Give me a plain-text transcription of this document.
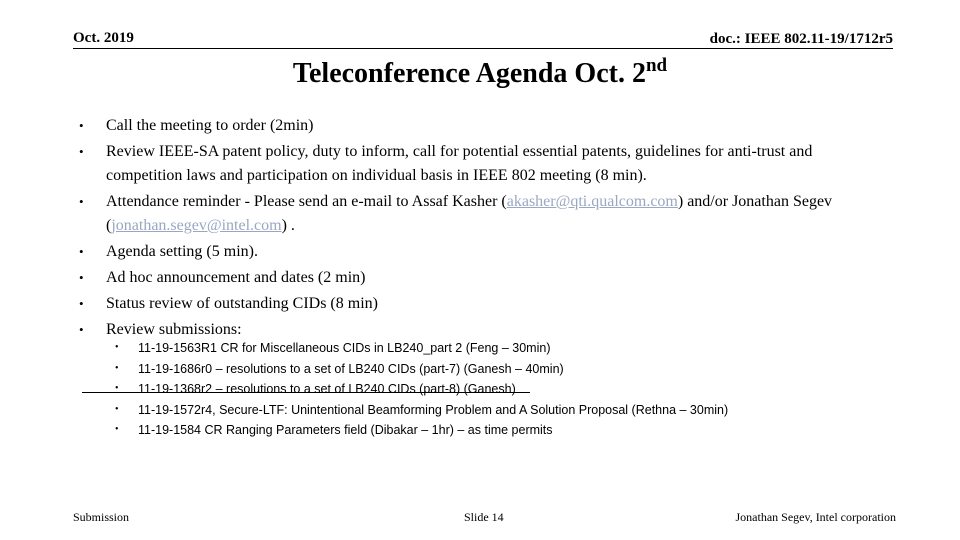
Oct. 2019	doc.: IEEE 802.11-19/1712r5
Teleconference Agenda Oct. 2nd
• Call the meeting to order (2min)
• Review IEEE-SA patent policy, duty to inform, call for potential essential patents, guidelines for anti-trust and competition laws and participation on individual basis in IEEE 802 meeting (8 min).
• Attendance reminder - Please send an e-mail to Assaf Kasher (akasher@qti.qualcom.com) and/or Jonathan Segev (jonathan.segev@intel.com) .
• Agenda setting (5 min).
• Ad hoc announcement and dates (2 min)
• Status review of outstanding CIDs (8 min)
• Review submissions:
• 11-19-1563R1 CR for Miscellaneous CIDs in LB240_part 2 (Feng – 30min)
• 11-19-1686r0 – resolutions to a set of LB240 CIDs (part-7) (Ganesh – 40min)
• 11-19-1368r2 – resolutions to a set of LB240 CIDs (part-8) (Ganesh)
• 11-19-1572r4, Secure-LTF: Unintentional Beamforming Problem and A Solution Proposal (Rethna – 30min)
• 11-19-1584 CR Ranging Parameters field (Dibakar – 1hr) – as time permits
Submission	Slide 14	Jonathan Segev, Intel corporation
